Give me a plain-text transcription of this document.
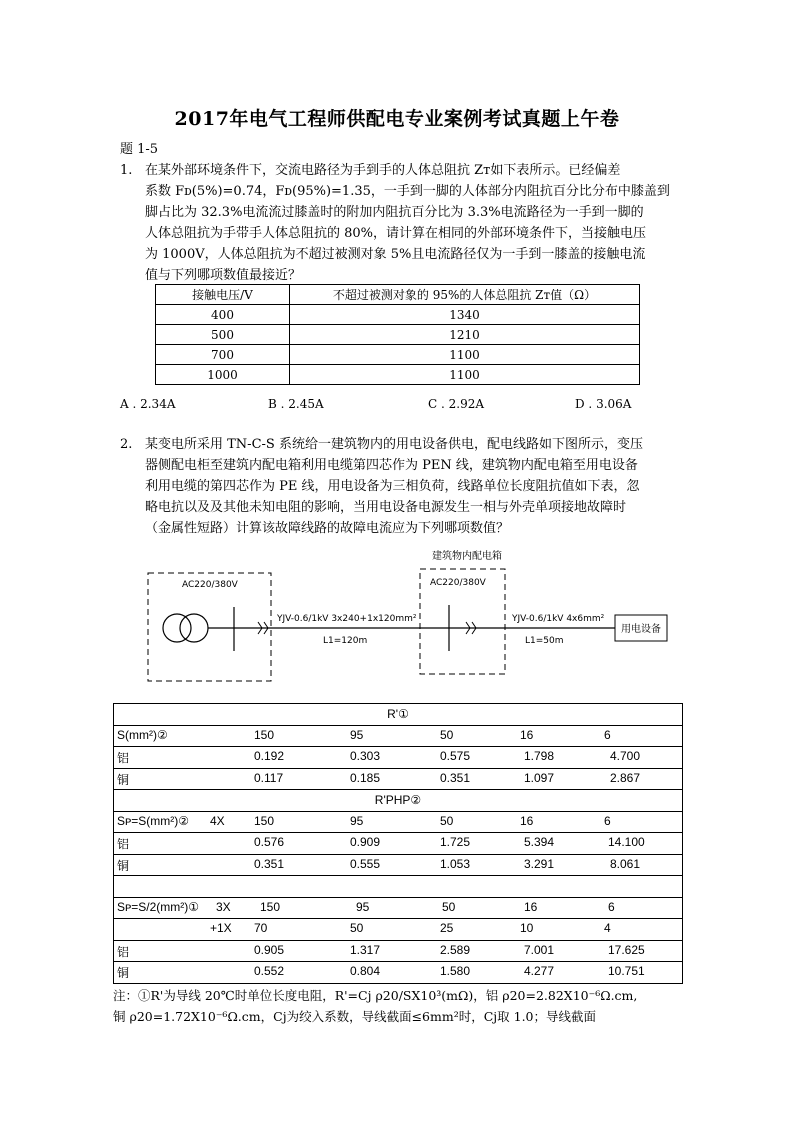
2017年电气工程师供配电专业案例考试真题上午卷
题 1-5
1. 在某外部环境条件下，交流电路径为手到手的人体总阻抗 Zт如下表所示。已经偏差
系数 Fᴅ(5%)=0.74，Fᴅ(95%)=1.35，一手到一脚的人体部分内阻抗百分比分布中膝盖到
脚占比为 32.3%电流流过膝盖时的附加内阻抗百分比为 3.3%电流路径为一手到一脚的
人体总阻抗为手带手人体总阻抗的 80%，请计算在相同的外部环境条件下，当接触电压
为 1000V，人体总阻抗为不超过被测对象 5%且电流路径仅为一手到一膝盖的接触电流
值与下列哪项数值最接近？
接触电压/V	不超过被测对象的 95%的人体总阻抗 Zт值（Ω）
400	1340
500	1210
700	1100
1000	1100
A . 2.34A	B . 2.45A	C . 2.92A	D . 3.06A
2. 某变电所采用 TN-C-S 系统给一建筑物内的用电设备供电，配电线路如下图所示，变压
器侧配电柜至建筑内配电箱利用电缆第四芯作为 PEN 线，建筑物内配电箱至用电设备
利用电缆的第四芯作为 PE 线，用电设备为三相负荷，线路单位长度阻抗值如下表，忽
略电抗以及及其他未知电阻的影响，当用电设备电源发生一相与外壳单项接地故障时
（金属性短路）计算该故障线路的故障电流应为下列哪项数值？
AC220/380V
YJV-0.6/1kV 3x240+1x120mm²
L1=120m
建筑物内配电箱
AC220/380V
YJV-0.6/1kV 4x6mm²
L1=50m
用电设备
R'①

S(mm²)②	150	95	50	16	6

铝	0.192	0.303	0.575	1.798	4.700

铜	0.117	0.185	0.351	1.097	2.867

R'PHP②

Sᴘ=S(mm²)② 4X 150	95	50	16	6

铝	0.576	0.909	1.725	5.394	14.100

铜	0.351	0.555	1.053	3.291	8.061

Sᴘ=S/2(mm²)① 3X 150	95	50	16	6

+1X 70	50	25	10	4

铝	0.905	1.317	2.589	7.001	17.625

铜	0.552	0.804	1.580	4.277	10.751
注：①R'为导线 20℃时单位长度电阻，R'=Cj ρ20/SX10³(mΩ)，铝 ρ20=2.82X10⁻⁶Ω.cm,
铜 ρ20=1.72X10⁻⁶Ω.cm，Cj为绞入系数，导线截面≤6mm²时，Cj取 1.0；导线截面
